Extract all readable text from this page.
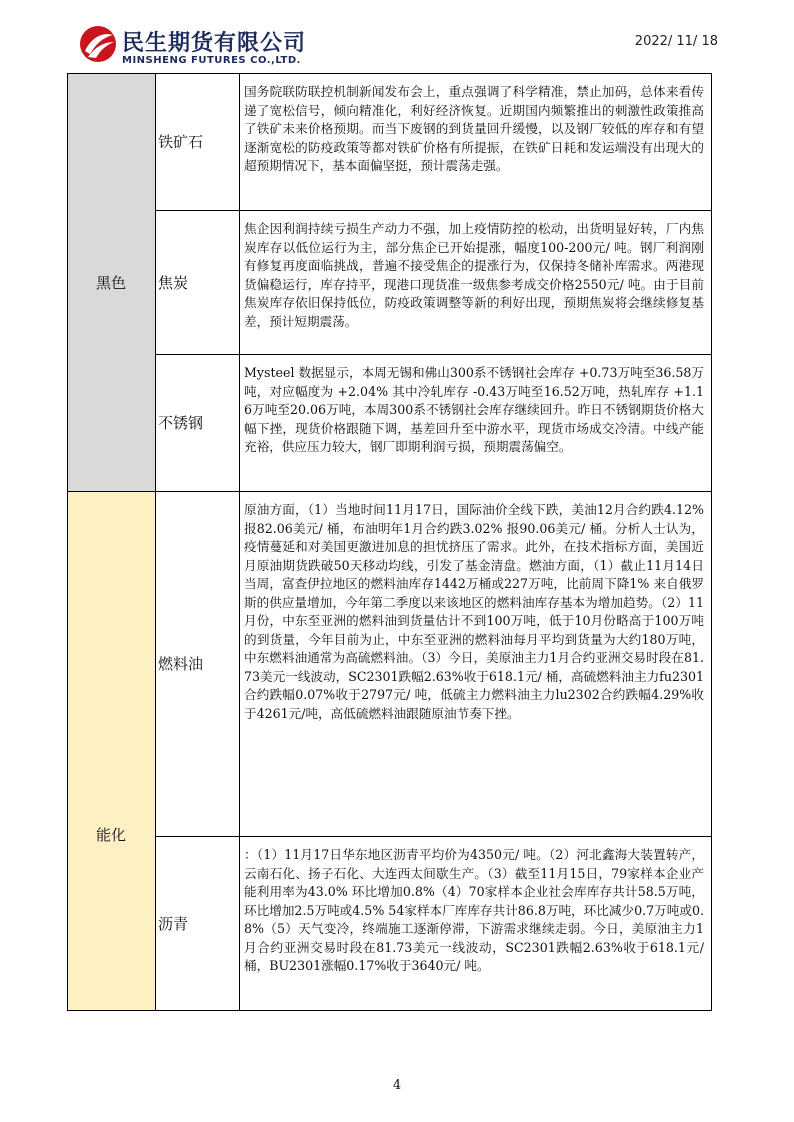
民生期货有限公司
MINSHENG FUTURES CO.,LTD.
2022/ 11/ 18
黑色
能化
铁矿石
焦炭
不锈钢
燃料油
沥青
国务院联防联控机制新闻发布会上，重点强调了科学精准，禁止加码，总体来看传递了宽松信号，倾向精准化，利好经济恢复。近期国内频繁推出的刺激性政策推高了铁矿未来价格预期。而当下废钢的到货量回升缓慢，以及钢厂较低的库存和有望逐渐宽松的防疫政策等都对铁矿价格有所提振，在铁矿日耗和发运端没有出现大的超预期情况下，基本面偏坚挺，预计震荡走强。
焦企因利润持续亏损生产动力不强，加上疫情防控的松动，出货明显好转，厂内焦炭库存以低位运行为主，部分焦企已开始提涨，幅度100-200元/ 吨。钢厂利润刚有修复再度面临挑战，普遍不接受焦企的提涨行为，仅保持冬储补库需求。两港现货偏稳运行，库存持平，现港口现货准一级焦参考成交价格2550元/ 吨。由于目前焦炭库存依旧保持低位，防疫政策调整等新的利好出现，预期焦炭将会继续修复基差，预计短期震荡。
Mysteel 数据显示，本周无锡和佛山300系不锈钢社会库存 +0.73万吨至36.58万吨，对应幅度为 +2.04% 其中冷轧库存 -0.43万吨至16.52万吨，热轧库存 +1.16万吨至20.06万吨，本周300系不锈钢社会库存继续回升。昨日不锈钢期货价格大幅下挫，现货价格跟随下调，基差回升至中游水平，现货市场成交冷清。中线产能充裕，供应压力较大，钢厂即期利润亏损，预期震荡偏空。
原油方面，（1）当地时间11月17日，国际油价全线下跌，美油12月合约跌4.12% 报82.06美元/ 桶，布油明年1月合约跌3.02% 报90.06美元/ 桶。分析人士认为，疫情蔓延和对美国更激进加息的担忧挤压了需求。此外，在技术指标方面，美国近月原油期货跌破50天移动均线，引发了基金清盘。燃油方面，（1）截止11月14日当周，富查伊拉地区的燃料油库存1442万桶或227万吨，比前周下降1% 来自俄罗斯的供应量增加，今年第二季度以来该地区的燃料油库存基本为增加趋势。（2）11月份，中东至亚洲的燃料油到货量估计不到100万吨，低于10月份略高于100万吨的到货量，今年目前为止，中东至亚洲的燃料油每月平均到货量为大约180万吨，中东燃料油通常为高硫燃料油。（3）今日，美原油主力1月合约亚洲交易时段在81.73美元一线波动，SC2301跌幅2.63%收于618.1元/ 桶，高硫燃料油主力fu2301合约跌幅0.07%收于2797元/ 吨，低硫主力燃料油主力lu2302合约跌幅4.29%收于4261元/吨，高低硫燃料油跟随原油节奏下挫。
：（1）11月17日华东地区沥青平均价为4350元/ 吨。（2）河北鑫海大装置转产，云南石化、扬子石化、大连西太间歇生产。（3）截至11月15日，79家样本企业产能利用率为43.0% 环比增加0.8%（4）70家样本企业社会库库存共计58.5万吨，环比增加2.5万吨或4.5% 54家样本厂库库存共计86.8万吨，环比减少0.7万吨或0.8%（5）天气变冷，终端施工逐渐停滞，下游需求继续走弱。今日，美原油主力1月合约亚洲交易时段在81.73美元一线波动，SC2301跌幅2.63%收于618.1元/ 桶，BU2301涨幅0.17%收于3640元/ 吨。
4
